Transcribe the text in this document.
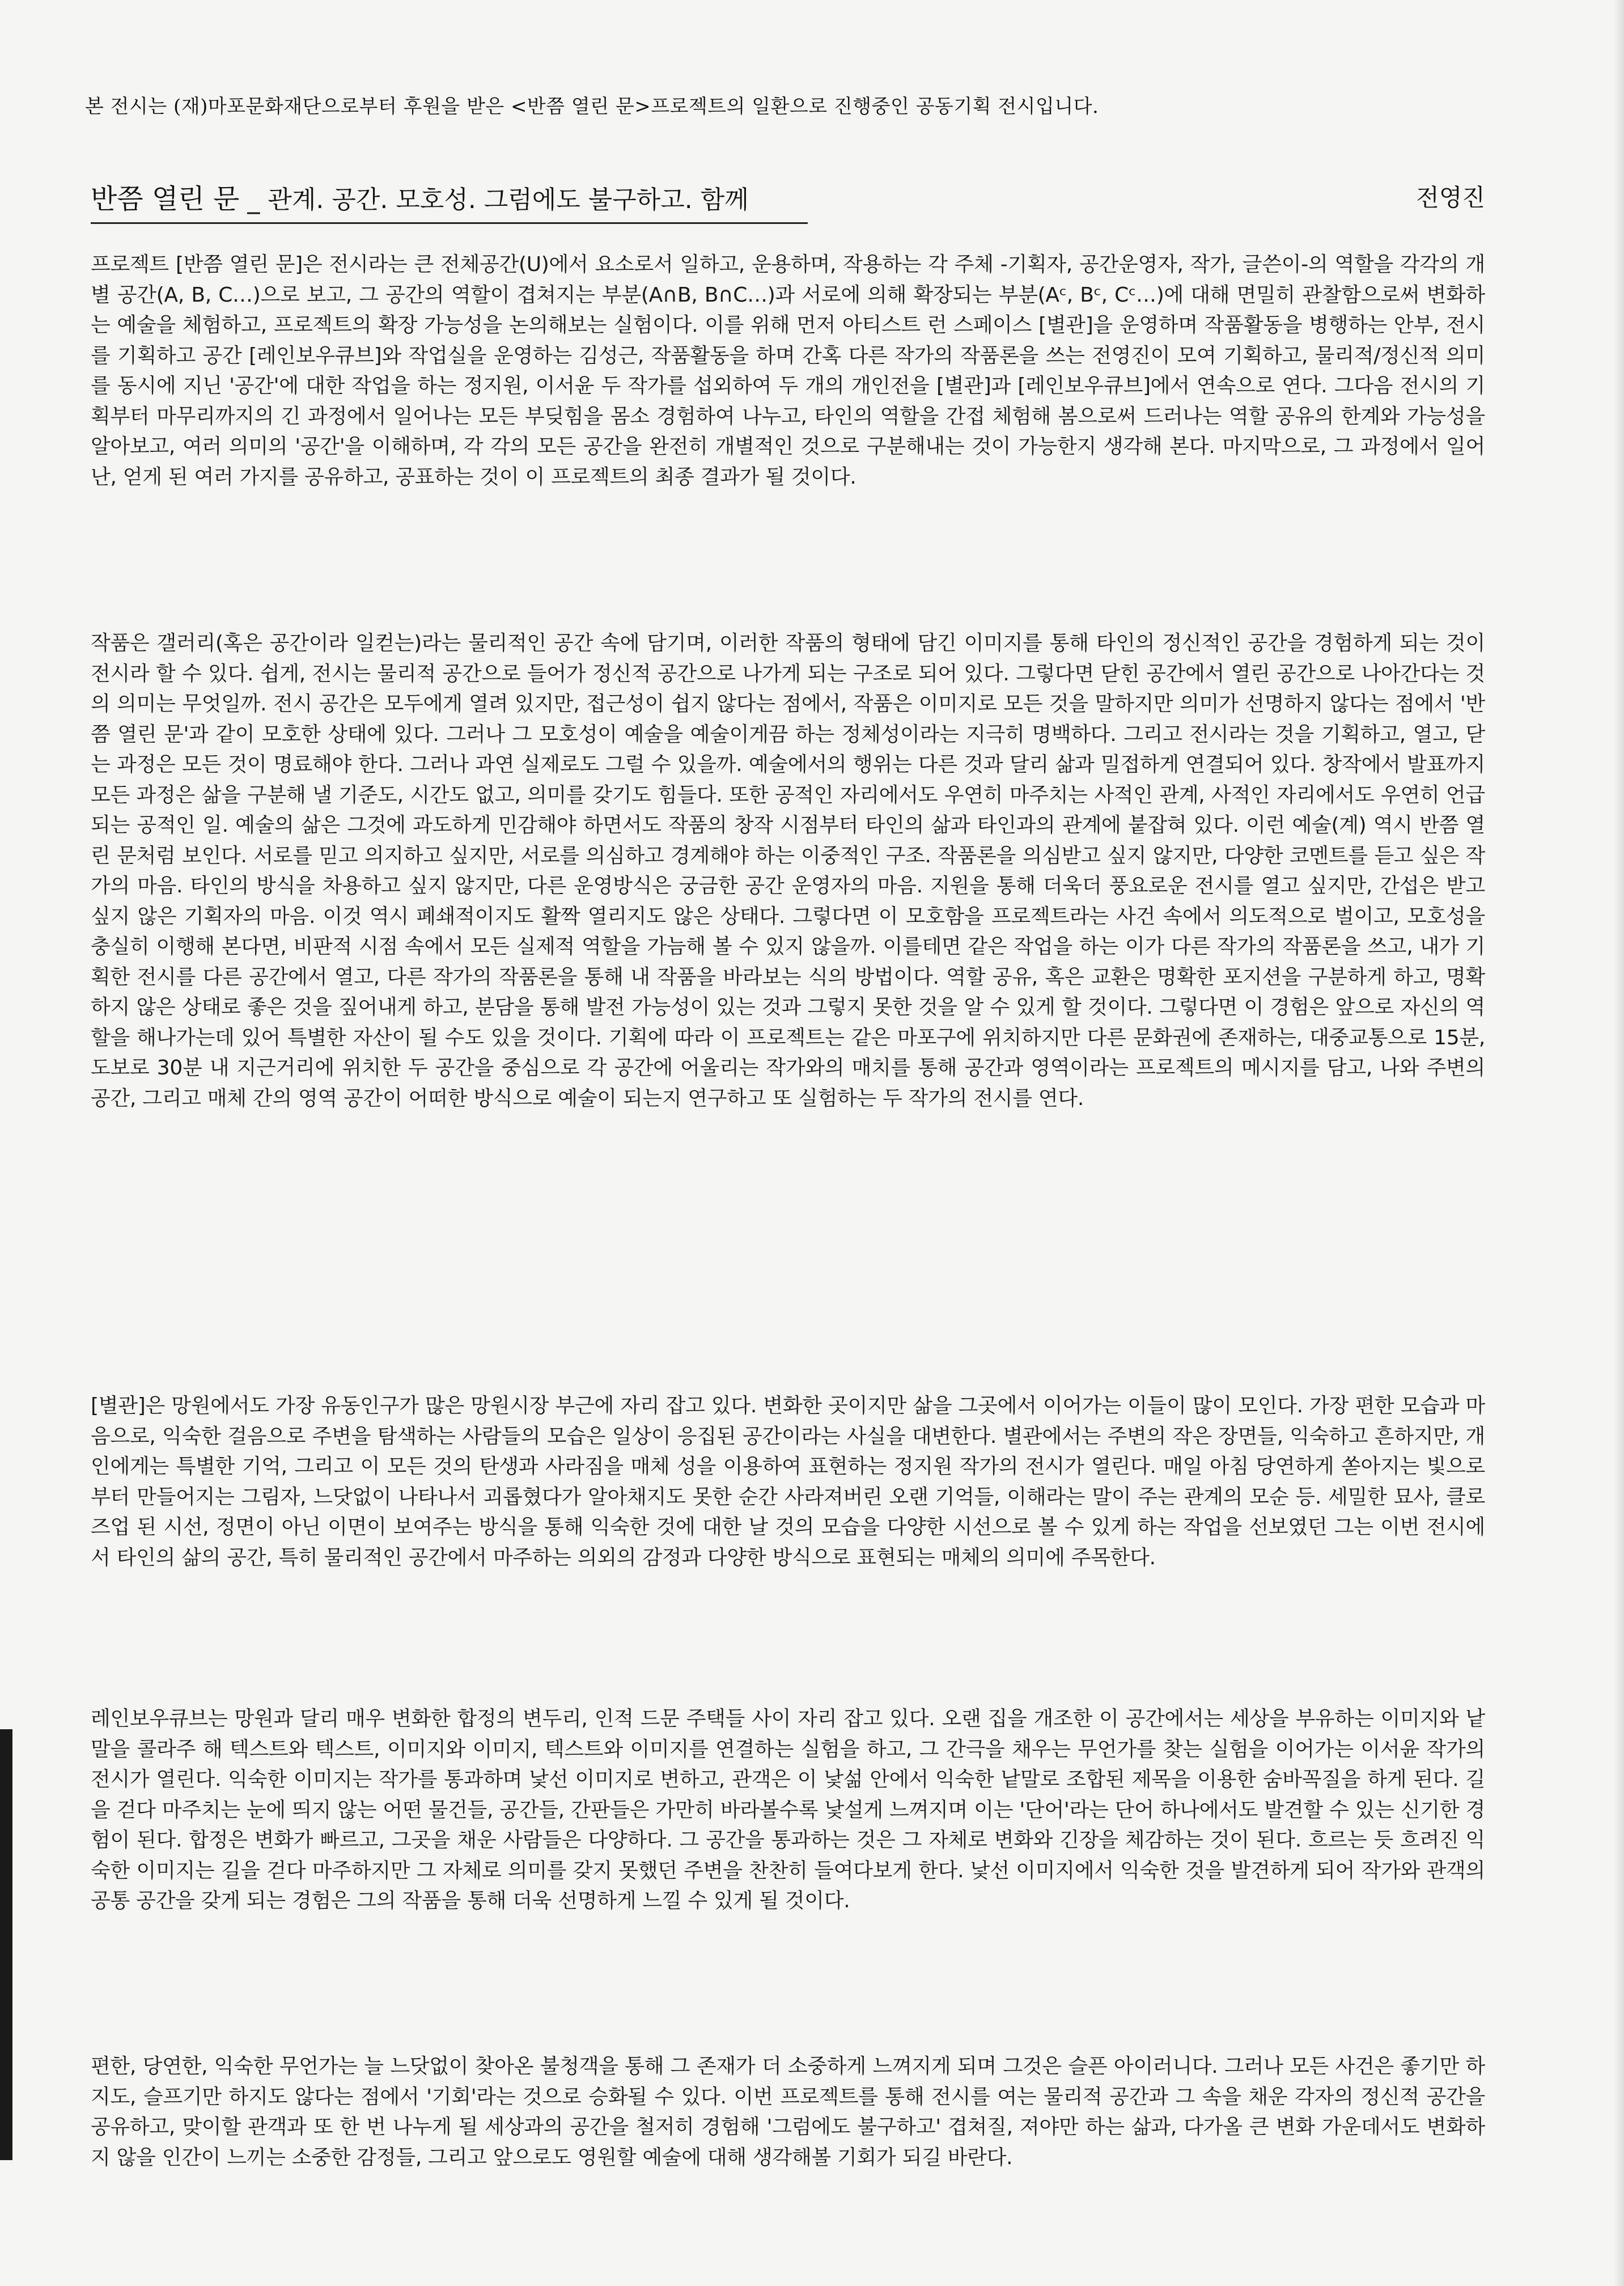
본 전시는 (재)마포문화재단으로부터 후원을 받은 <반쯤 열린 문>프로젝트의 일환으로 진행중인 공동기획 전시입니다.
반쯤 열린 문 _ 관계. 공간. 모호성. 그럼에도 불구하고. 함께	전영진

프로젝트 [반쯤 열린 문]은 전시라는 큰 전체공간(U)에서 요소로서 일하고, 운용하며, 작용하는 각 주체 -기획자, 공간운영자, 작가, 글쓴이-의 역할을 각각의 개별 공간(A, B, C…)으로 보고, 그 공간의 역할이 겹쳐지는 부분(A∩B, B∩C…)과 서로에 의해 확장되는 부분(Aᶜ, Bᶜ, Cᶜ…)에 대해 면밀히 관찰함으로써 변화하는 예술을 체험하고, 프로젝트의 확장 가능성을 논의해보는 실험이다. 이를 위해 먼저 아티스트 런 스페이스 [별관]을 운영하며 작품활동을 병행하는 안부, 전시를 기획하고 공간 [레인보우큐브]와 작업실을 운영하는 김성근, 작품활동을 하며 간혹 다른 작가의 작품론을 쓰는 전영진이 모여 기획하고, 물리적/정신적 의미를 동시에 지닌 '공간'에 대한 작업을 하는 정지원, 이서윤 두 작가를 섭외하여 두 개의 개인전을 [별관]과 [레인보우큐브]에서 연속으로 연다. 그다음 전시의 기획부터 마무리까지의 긴 과정에서 일어나는 모든 부딪힘을 몸소 경험하여 나누고, 타인의 역할을 간접 체험해 봄으로써 드러나는 역할 공유의 한계와 가능성을 알아보고, 여러 의미의 '공간'을 이해하며, 각 각의 모든 공간을 완전히 개별적인 것으로 구분해내는 것이 가능한지 생각해 본다. 마지막으로, 그 과정에서 일어난, 얻게 된 여러 가지를 공유하고, 공표하는 것이 이 프로젝트의 최종 결과가 될 것이다.

작품은 갤러리(혹은 공간이라 일컫는)라는 물리적인 공간 속에 담기며, 이러한 작품의 형태에 담긴 이미지를 통해 타인의 정신적인 공간을 경험하게 되는 것이 전시라 할 수 있다. 쉽게, 전시는 물리적 공간으로 들어가 정신적 공간으로 나가게 되는 구조로 되어 있다. 그렇다면 닫힌 공간에서 열린 공간으로 나아간다는 것의 의미는 무엇일까. 전시 공간은 모두에게 열려 있지만, 접근성이 쉽지 않다는 점에서, 작품은 이미지로 모든 것을 말하지만 의미가 선명하지 않다는 점에서 '반쯤 열린 문'과 같이 모호한 상태에 있다. 그러나 그 모호성이 예술을 예술이게끔 하는 정체성이라는 지극히 명백하다. 그리고 전시라는 것을 기획하고, 열고, 닫는 과정은 모든 것이 명료해야 한다. 그러나 과연 실제로도 그럴 수 있을까. 예술에서의 행위는 다른 것과 달리 삶과 밀접하게 연결되어 있다. 창작에서 발표까지 모든 과정은 삶을 구분해 낼 기준도, 시간도 없고, 의미를 갖기도 힘들다. 또한 공적인 자리에서도 우연히 마주치는 사적인 관계, 사적인 자리에서도 우연히 언급되는 공적인 일. 예술의 삶은 그것에 과도하게 민감해야 하면서도 작품의 창작 시점부터 타인의 삶과 타인과의 관계에 붙잡혀 있다. 이런 예술(계) 역시 반쯤 열린 문처럼 보인다. 서로를 믿고 의지하고 싶지만, 서로를 의심하고 경계해야 하는 이중적인 구조. 작품론을 의심받고 싶지 않지만, 다양한 코멘트를 듣고 싶은 작가의 마음. 타인의 방식을 차용하고 싶지 않지만, 다른 운영방식은 궁금한 공간 운영자의 마음. 지원을 통해 더욱더 풍요로운 전시를 열고 싶지만, 간섭은 받고 싶지 않은 기획자의 마음. 이것 역시 폐쇄적이지도 활짝 열리지도 않은 상태다. 그렇다면 이 모호함을 프로젝트라는 사건 속에서 의도적으로 벌이고, 모호성을 충실히 이행해 본다면, 비판적 시점 속에서 모든 실제적 역할을 가늠해 볼 수 있지 않을까. 이를테면 같은 작업을 하는 이가 다른 작가의 작품론을 쓰고, 내가 기획한 전시를 다른 공간에서 열고, 다른 작가의 작품론을 통해 내 작품을 바라보는 식의 방법이다. 역할 공유, 혹은 교환은 명확한 포지션을 구분하게 하고, 명확하지 않은 상태로 좋은 것을 짚어내게 하고, 분담을 통해 발전 가능성이 있는 것과 그렇지 못한 것을 알 수 있게 할 것이다. 그렇다면 이 경험은 앞으로 자신의 역할을 해나가는데 있어 특별한 자산이 될 수도 있을 것이다. 기획에 따라 이 프로젝트는 같은 마포구에 위치하지만 다른 문화권에 존재하는, 대중교통으로 15분, 도보로 30분 내 지근거리에 위치한 두 공간을 중심으로 각 공간에 어울리는 작가와의 매치를 통해 공간과 영역이라는 프로젝트의 메시지를 담고, 나와 주변의 공간, 그리고 매체 간의 영역 공간이 어떠한 방식으로 예술이 되는지 연구하고 또 실험하는 두 작가의 전시를 연다.

[별관]은 망원에서도 가장 유동인구가 많은 망원시장 부근에 자리 잡고 있다. 변화한 곳이지만 삶을 그곳에서 이어가는 이들이 많이 모인다. 가장 편한 모습과 마음으로, 익숙한 걸음으로 주변을 탐색하는 사람들의 모습은 일상이 응집된 공간이라는 사실을 대변한다. 별관에서는 주변의 작은 장면들, 익숙하고 흔하지만, 개인에게는 특별한 기억, 그리고 이 모든 것의 탄생과 사라짐을 매체 성을 이용하여 표현하는 정지원 작가의 전시가 열린다. 매일 아침 당연하게 쏟아지는 빛으로부터 만들어지는 그림자, 느닷없이 나타나서 괴롭혔다가 알아채지도 못한 순간 사라져버린 오랜 기억들, 이해라는 말이 주는 관계의 모순 등. 세밀한 묘사, 클로즈업 된 시선, 정면이 아닌 이면이 보여주는 방식을 통해 익숙한 것에 대한 날 것의 모습을 다양한 시선으로 볼 수 있게 하는 작업을 선보였던 그는 이번 전시에서 타인의 삶의 공간, 특히 물리적인 공간에서 마주하는 의외의 감정과 다양한 방식으로 표현되는 매체의 의미에 주목한다.

레인보우큐브는 망원과 달리 매우 변화한 합정의 변두리, 인적 드문 주택들 사이 자리 잡고 있다. 오랜 집을 개조한 이 공간에서는 세상을 부유하는 이미지와 낱말을 콜라주 해 텍스트와 텍스트, 이미지와 이미지, 텍스트와 이미지를 연결하는 실험을 하고, 그 간극을 채우는 무언가를 찾는 실험을 이어가는 이서윤 작가의 전시가 열린다. 익숙한 이미지는 작가를 통과하며 낯선 이미지로 변하고, 관객은 이 낯섦 안에서 익숙한 낱말로 조합된 제목을 이용한 숨바꼭질을 하게 된다. 길을 걷다 마주치는 눈에 띄지 않는 어떤 물건들, 공간들, 간판들은 가만히 바라볼수록 낯설게 느껴지며 이는 '단어'라는 단어 하나에서도 발견할 수 있는 신기한 경험이 된다. 합정은 변화가 빠르고, 그곳을 채운 사람들은 다양하다. 그 공간을 통과하는 것은 그 자체로 변화와 긴장을 체감하는 것이 된다. 흐르는 듯 흐려진 익숙한 이미지는 길을 걷다 마주하지만 그 자체로 의미를 갖지 못했던 주변을 찬찬히 들여다보게 한다. 낯선 이미지에서 익숙한 것을 발견하게 되어 작가와 관객의 공통 공간을 갖게 되는 경험은 그의 작품을 통해 더욱 선명하게 느낄 수 있게 될 것이다.

편한, 당연한, 익숙한 무언가는 늘 느닷없이 찾아온 불청객을 통해 그 존재가 더 소중하게 느껴지게 되며 그것은 슬픈 아이러니다. 그러나 모든 사건은 좋기만 하지도, 슬프기만 하지도 않다는 점에서 '기회'라는 것으로 승화될 수 있다. 이번 프로젝트를 통해 전시를 여는 물리적 공간과 그 속을 채운 각자의 정신적 공간을 공유하고, 맞이할 관객과 또 한 번 나누게 될 세상과의 공간을 철저히 경험해 '그럼에도 불구하고' 겹쳐질, 져야만 하는 삶과, 다가올 큰 변화 가운데서도 변화하지 않을 인간이 느끼는 소중한 감정들, 그리고 앞으로도 영원할 예술에 대해 생각해볼 기회가 되길 바란다.
